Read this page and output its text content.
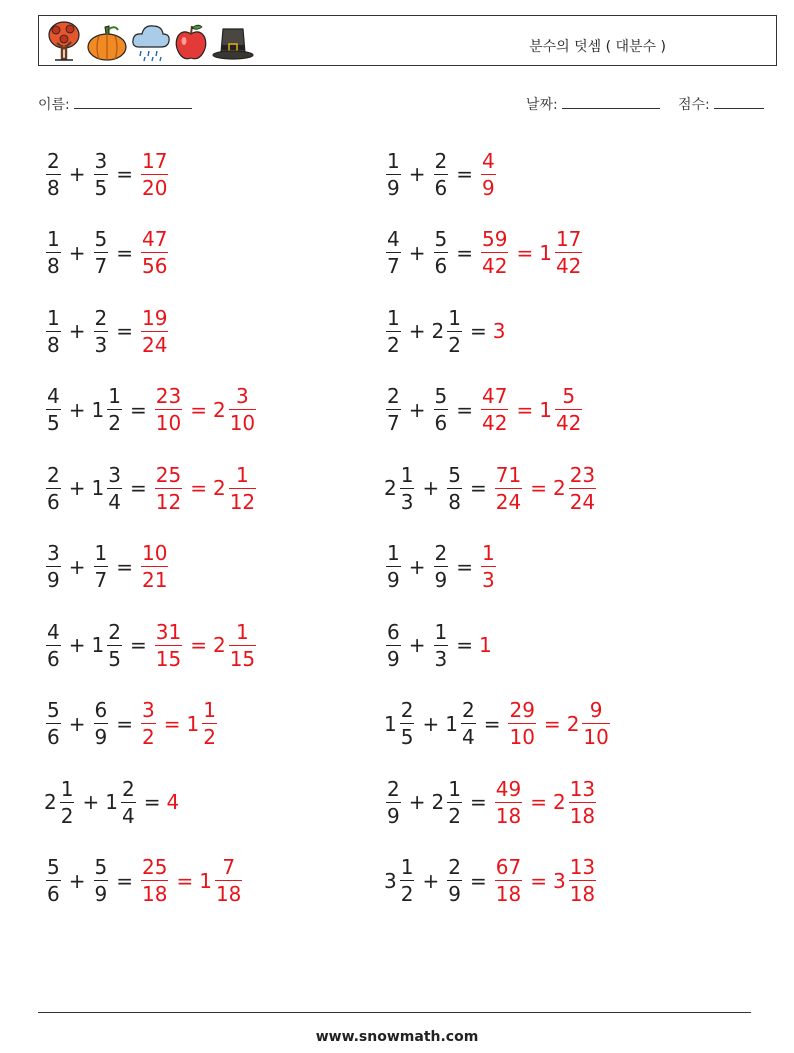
분수의 덧셈 ( 대분수 )
이름:	날짜:	점수:
$\frac{2}{8} + \frac{3}{5} = \frac{17}{20}$	$\frac{1}{9} + \frac{2}{6} = \frac{4}{9}$
$\frac{1}{8} + \frac{5}{7} = \frac{47}{56}$	$\frac{4}{7} + \frac{5}{6} = \frac{59}{42} = 1 \frac{17}{42}$
$\frac{1}{8} + \frac{2}{3} = \frac{19}{24}$	$\frac{1}{2} + 2 \frac{1}{2} = 3$
$\frac{4}{5} + 1 \frac{1}{2} = \frac{23}{10} = 2 \frac{3}{10}$	$\frac{2}{7} + \frac{5}{6} = \frac{47}{42} = 1 \frac{5}{42}$
$\frac{2}{6} + 1 \frac{3}{4} = \frac{25}{12} = 2 \frac{1}{12}$	$2 \frac{1}{3} + \frac{5}{8} = \frac{71}{24} = 2 \frac{23}{24}$
$\frac{3}{9} + \frac{1}{7} = \frac{10}{21}$	$\frac{1}{9} + \frac{2}{9} = \frac{1}{3}$
$\frac{4}{6} + 1 \frac{2}{5} = \frac{31}{15} = 2 \frac{1}{15}$	$\frac{6}{9} + \frac{1}{3} = 1$
$\frac{5}{6} + \frac{6}{9} = \frac{3}{2} = 1 \frac{1}{2}$	$1 \frac{2}{5} + 1 \frac{2}{4} = \frac{29}{10} = 2 \frac{9}{10}$
$2 \frac{1}{2} + 1 \frac{2}{4} = 4$	$\frac{2}{9} + 2 \frac{1}{2} = \frac{49}{18} = 2 \frac{13}{18}$
$\frac{5}{6} + \frac{5}{9} = \frac{25}{18} = 1 \frac{7}{18}$	$3 \frac{1}{2} + \frac{2}{9} = \frac{67}{18} = 3 \frac{13}{18}$
www.snowmath.com
